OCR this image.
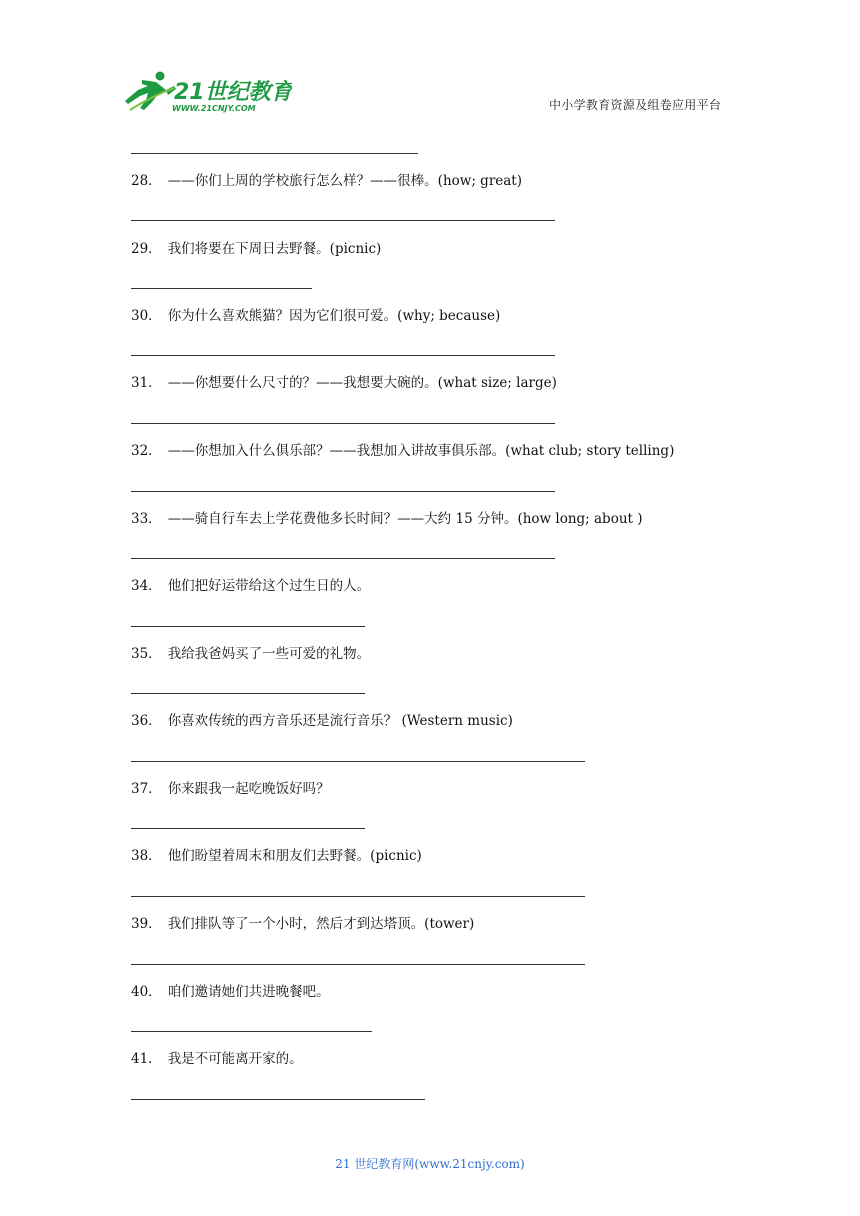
21世纪教育
WWW.21CNJY.COM	中小学教育资源及组卷应用平台
28． ——你们上周的学校旅行怎么样？——很棒。(how; great)
29． 我们将要在下周日去野餐。(picnic)
30． 你为什么喜欢熊猫？因为它们很可爱。(why; because)
31． ——你想要什么尺寸的？——我想要大碗的。(what size; large)
32． ——你想加入什么俱乐部？——我想加入讲故事俱乐部。(what club; story telling)
33． ——骑自行车去上学花费他多长时间？——大约 15 分钟。(how long; about )
34． 他们把好运带给这个过生日的人。
35． 我给我爸妈买了一些可爱的礼物。
36． 你喜欢传统的西方音乐还是流行音乐？ (Western music)
37． 你来跟我一起吃晚饭好吗？
38． 他们盼望着周末和朋友们去野餐。(picnic)
39． 我们排队等了一个小时，然后才到达塔顶。(tower)
40． 咱们邀请她们共进晚餐吧。
41． 我是不可能离开家的。
21 世纪教育网(www.21cnjy.com)
